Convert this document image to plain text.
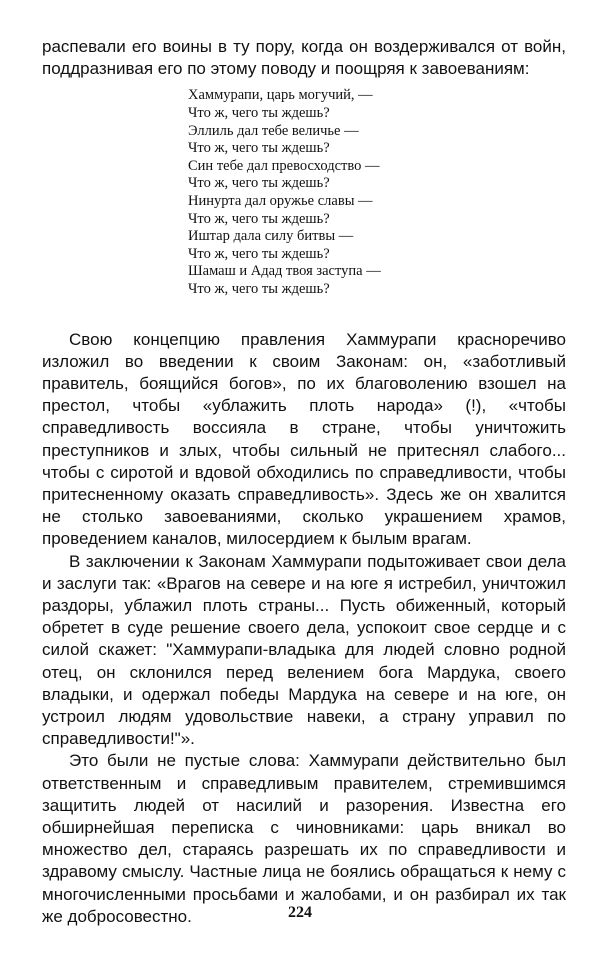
распевали его воины в ту пору, когда он воздерживался от войн, поддразнивая его по этому поводу и поощряя к завоеваниям:

Хаммурапи, царь могучий, —
Что ж, чего ты ждешь?
Эллиль дал тебе величье —
Что ж, чего ты ждешь?
Син тебе дал превосходство —
Что ж, чего ты ждешь?
Нинурта дал оружье славы —
Что ж, чего ты ждешь?
Иштар дала силу битвы —
Что ж, чего ты ждешь?
Шамаш и Адад твоя заступа —
Что ж, чего ты ждешь?

Свою концепцию правления Хаммурапи красноречиво изложил во введении к своим Законам: он, «заботливый правитель, боящийся богов», по их благоволению взошел на престол, чтобы «ублажить плоть народа» (!), «чтобы справедливость воссияла в стране, чтобы уничтожить преступников и злых, чтобы сильный не притеснял слабого... чтобы с сиротой и вдовой обходились по справедливости, чтобы притесненному оказать справедливость». Здесь же он хвалится не столько завоеваниями, сколько украшением храмов, проведением каналов, милосердием к былым врагам.

В заключении к Законам Хаммурапи подытоживает свои дела и заслуги так: «Врагов на севере и на юге я истребил, уничтожил раздоры, ублажил плоть страны... Пусть обиженный, который обретет в суде решение своего дела, успокоит свое сердце и с силой скажет: "Хаммурапи-владыка для людей словно родной отец, он склонился перед велением бога Мардука, своего владыки, и одержал победы Мардука на севере и на юге, он устроил людям удовольствие навеки, а страну управил по справедливости!"».

Это были не пустые слова: Хаммурапи действительно был ответственным и справедливым правителем, стремившимся защитить людей от насилий и разорения. Известна его обширнейшая переписка с чиновниками: царь вникал во множество дел, стараясь разрешать их по справедливости и здравому смыслу. Частные лица не боялись обращаться к нему с многочисленными просьбами и жалобами, и он разбирал их так же добросовестно.	224
